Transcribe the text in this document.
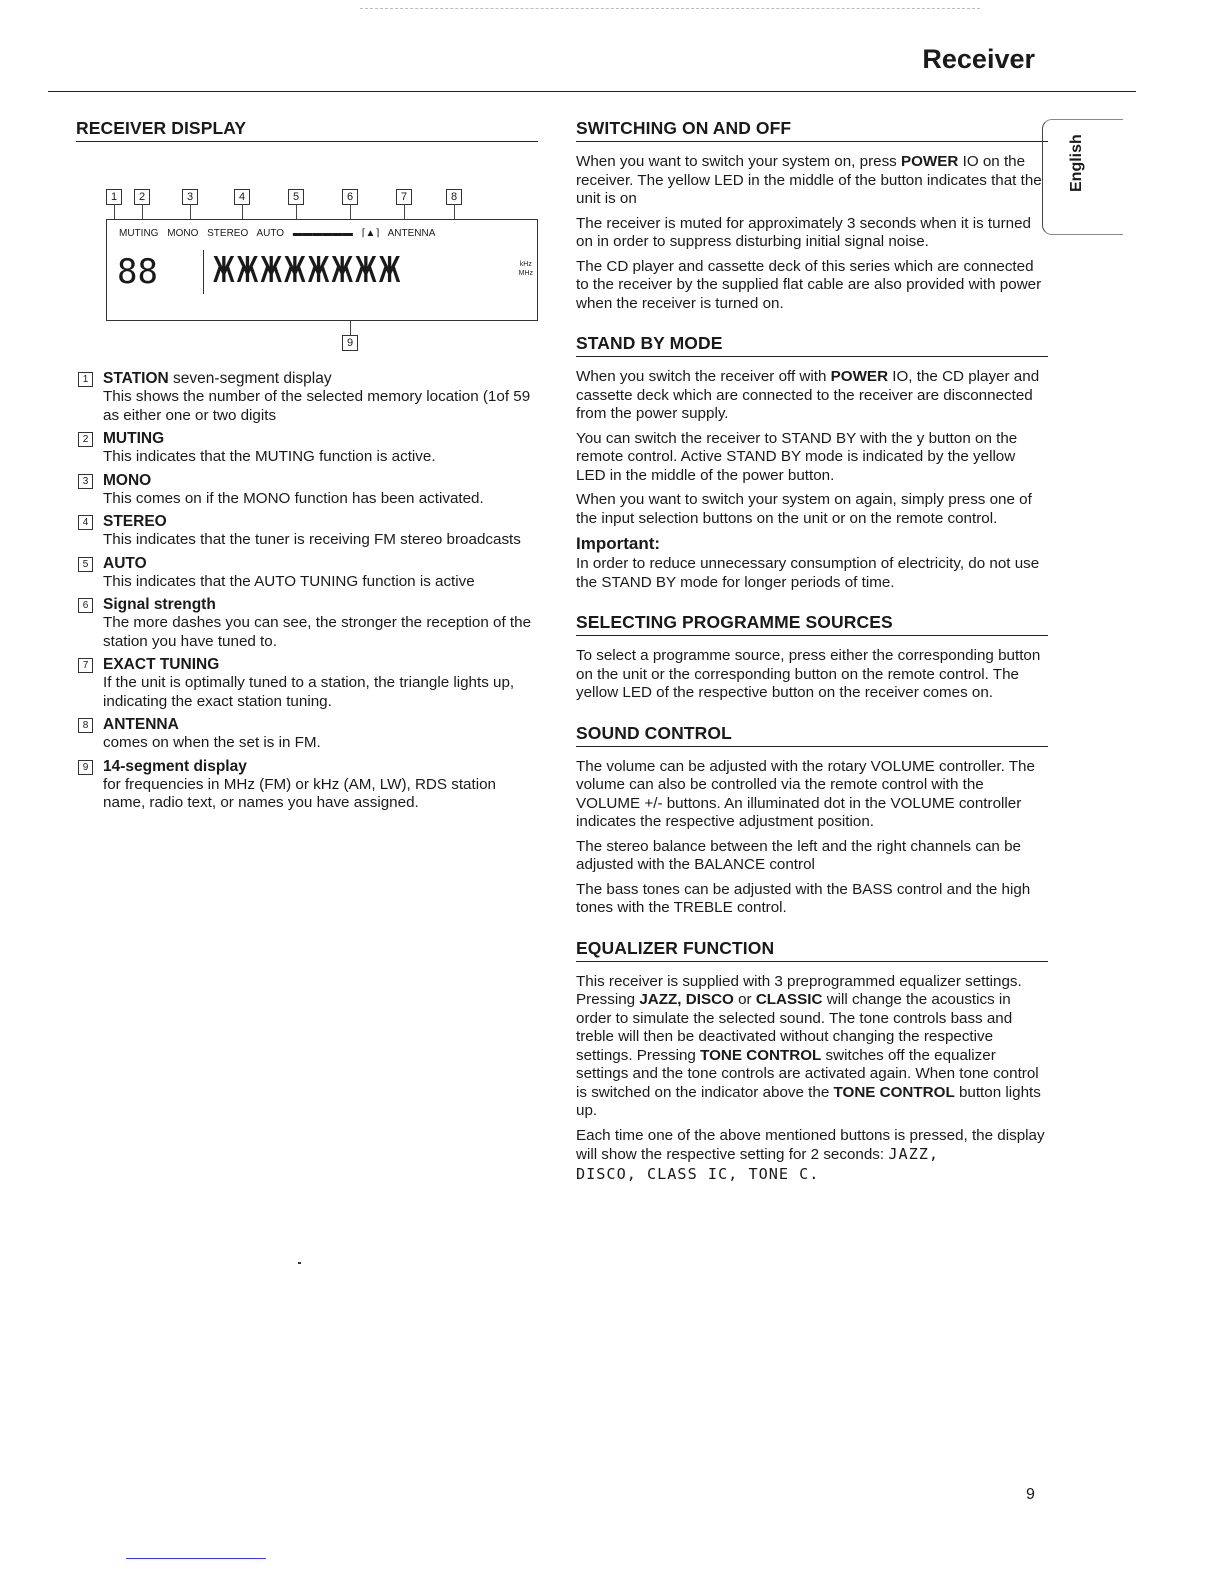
Receiver
RECEIVER DISPLAY
1	2	3	4	5	6	7	8
MUTING MONO STEREO AUTO ▬▬▬▬▬▬ ⌈▲⌉ ANTENNA
88 ЖЖЖЖЖЖЖЖ	kHz
MHz
9
1 STATION seven-segment display
This shows the number of the selected memory location (1of 59 as either one or two digits
2 MUTING
This indicates that the MUTING function is active.
3 MONO
This comes on if the MONO function has been activated.
4 STEREO
This indicates that the tuner is receiving FM stereo broadcasts
5 AUTO
This indicates that the AUTO TUNING function is active
6 Signal strength
The more dashes you can see, the stronger the reception of the station you have tuned to.
7 EXACT TUNING
If the unit is optimally tuned to a station, the triangle lights up, indicating the exact station tuning.
8 ANTENNA
comes on when the set is in FM.
9 14-segment display
for frequencies in MHz (FM) or kHz (AM, LW), RDS station name, radio text, or names you have assigned.
SWITCHING ON AND OFF

When you want to switch your system on, press POWER IO on the receiver. The yellow LED in the middle of the button indicates that the unit is on

The receiver is muted for approximately 3 seconds when it is turned on in order to suppress disturbing initial signal noise.

The CD player and cassette deck of this series which are connected to the receiver by the supplied flat cable are also provided with power when the receiver is turned on.

STAND BY MODE

When you switch the receiver off with POWER IO, the CD player and cassette deck which are connected to the receiver are disconnected from the power supply.

You can switch the receiver to STAND BY with the y button on the remote control. Active STAND BY mode is indicated by the yellow LED in the middle of the power button.

When you want to switch your system on again, simply press one of the input selection buttons on the unit or on the remote control.

Important:

In order to reduce unnecessary consumption of electricity, do not use the STAND BY mode for longer periods of time.

SELECTING PROGRAMME SOURCES

To select a programme source, press either the corresponding button on the unit or the corresponding button on the remote control. The yellow LED of the respective button on the receiver comes on.

SOUND CONTROL

The volume can be adjusted with the rotary VOLUME controller. The volume can also be controlled via the remote control with the VOLUME +/- buttons. An illuminated dot in the VOLUME controller indicates the respective adjustment position.

The stereo balance between the left and the right channels can be adjusted with the BALANCE control

The bass tones can be adjusted with the BASS control and the high tones with the TREBLE control.

EQUALIZER FUNCTION

This receiver is supplied with 3 preprogrammed equalizer settings. Pressing JAZZ, DISCO or CLASSIC will change the acoustics in order to simulate the selected sound. The tone controls bass and treble will then be deactivated without changing the respective settings. Pressing TONE CONTROL switches off the equalizer settings and the tone controls are activated again. When tone control is switched on the indicator above the TONE CONTROL button lights up.

Each time one of the above mentioned buttons is pressed, the display will show the respective setting for 2 seconds: JAZZ,
DISCO, CLASS IC, TONE C.

English
9
